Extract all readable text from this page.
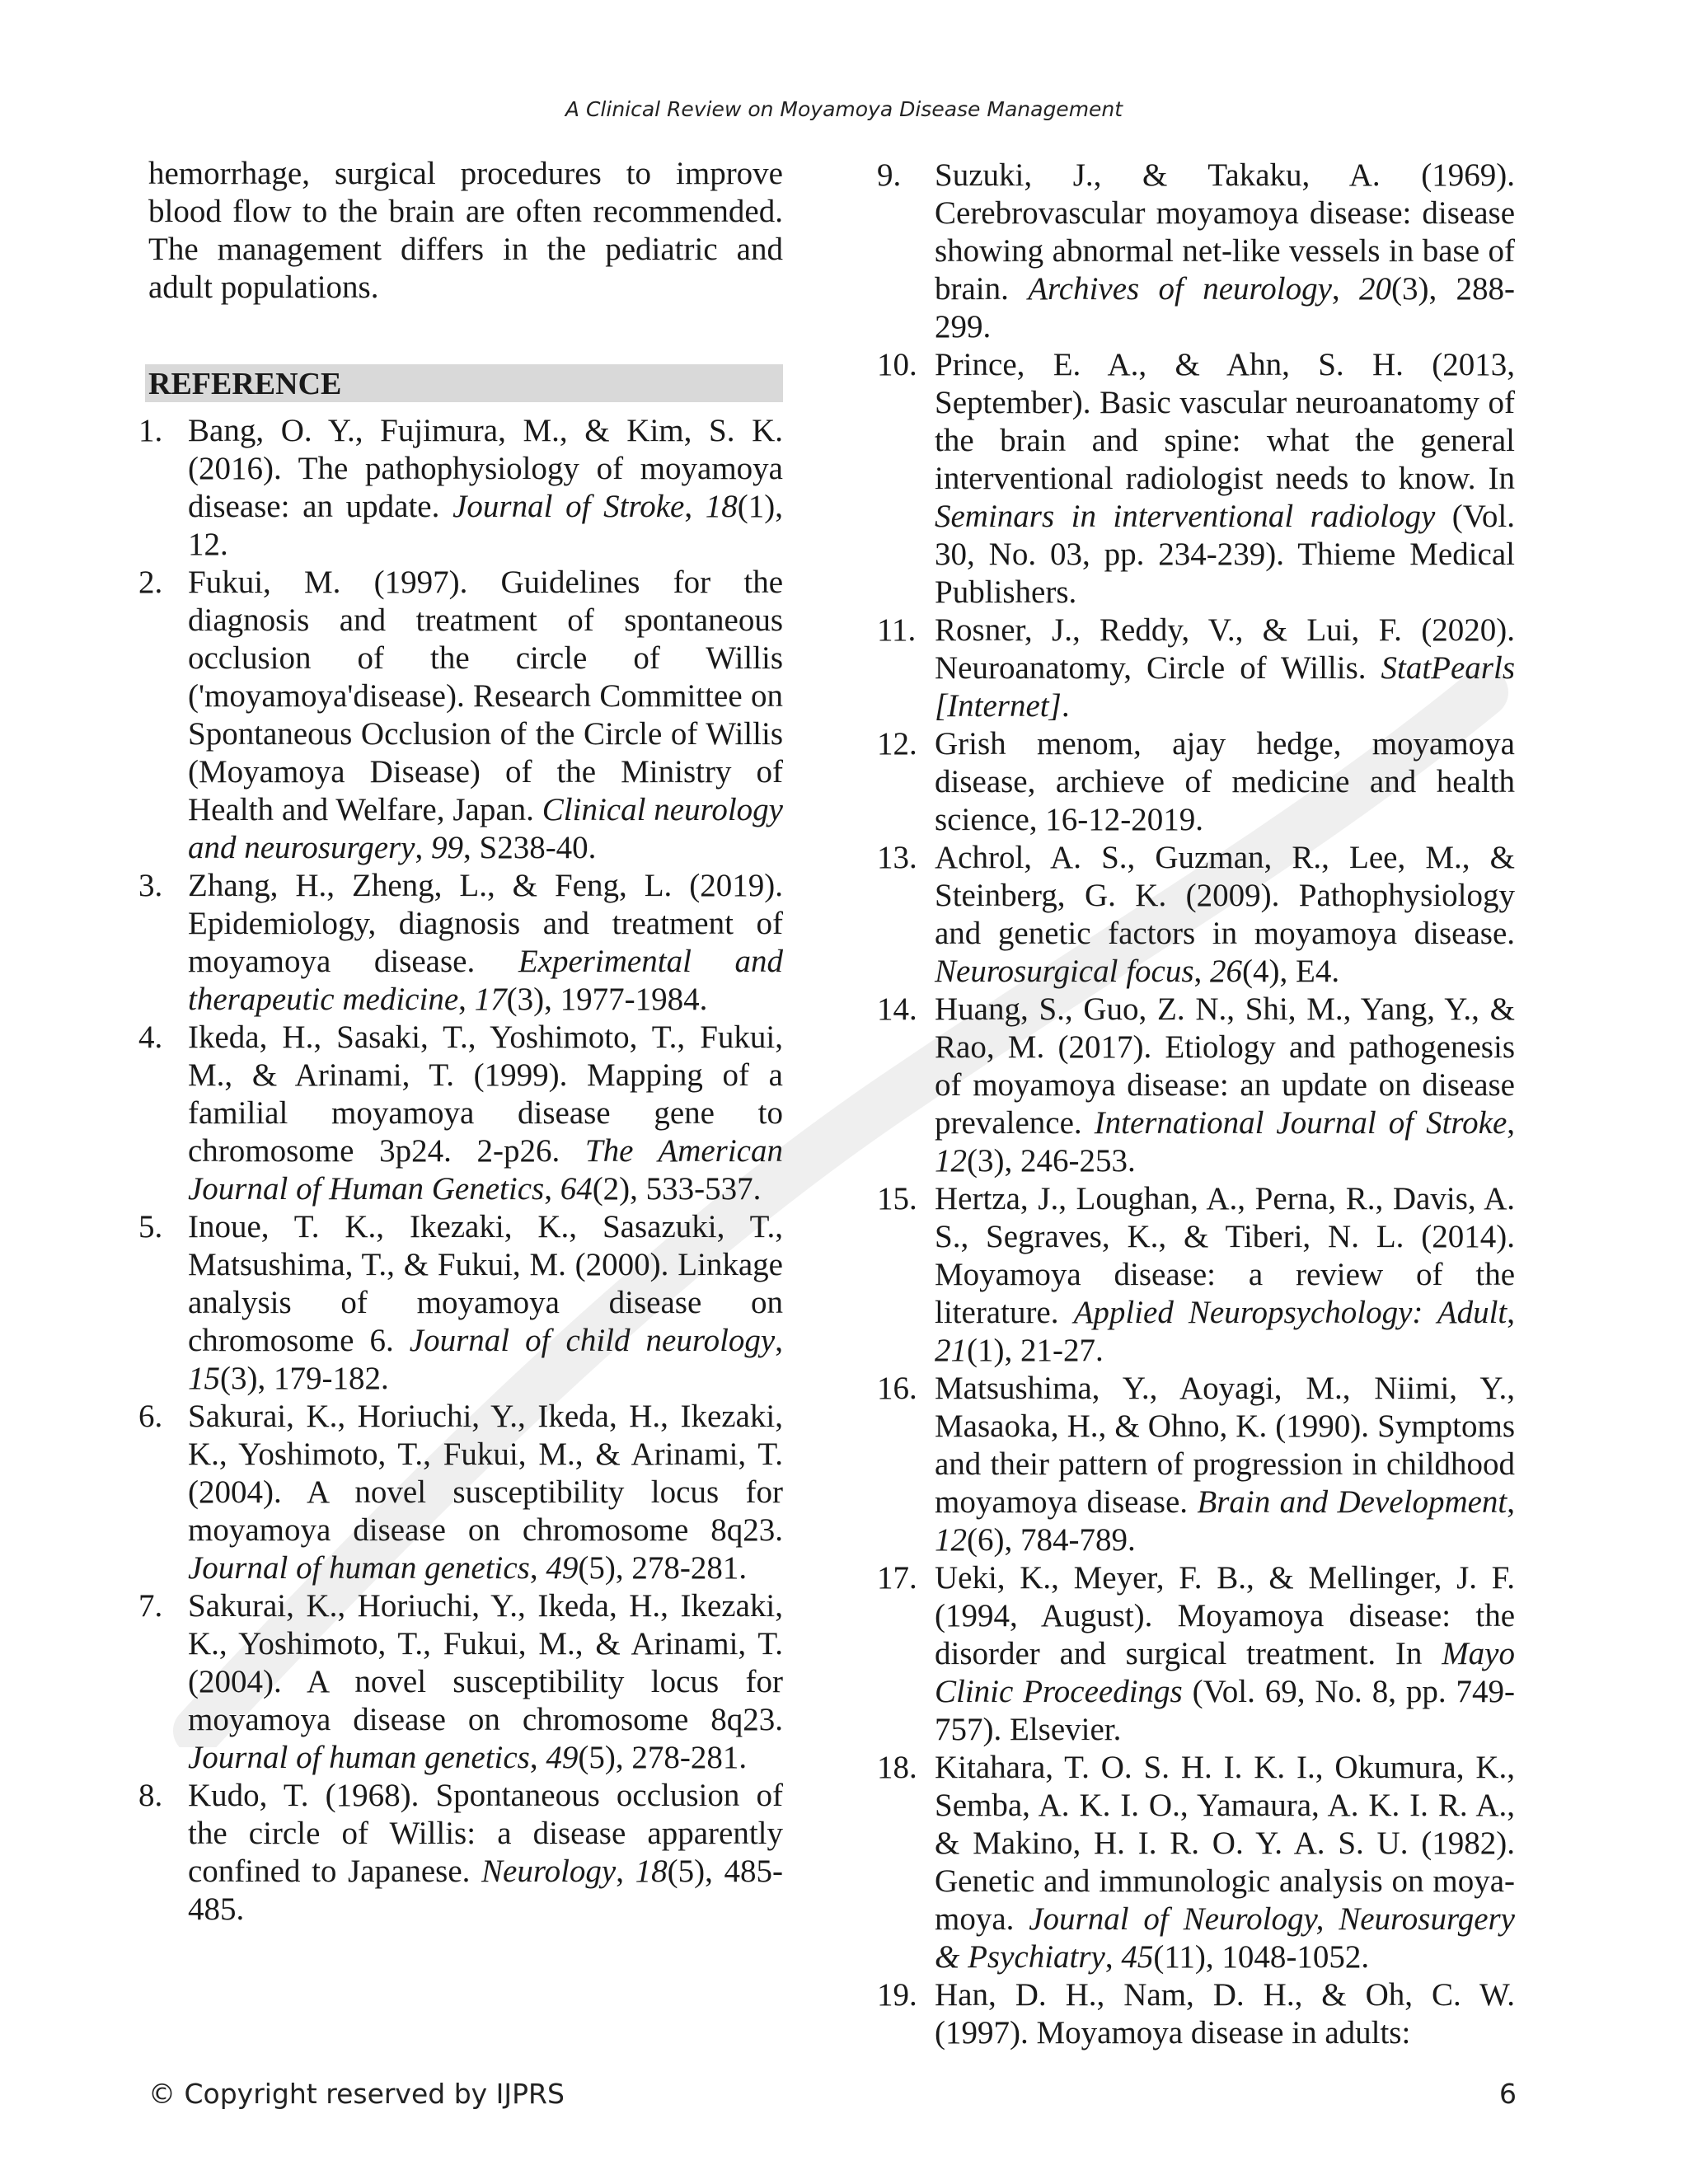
A Clinical Review on Moyamoya Disease Management

hemorrhage, surgical procedures to improve blood flow to the brain are often recommended. The management differs in the pediatric and adult populations.

REFERENCE
1. Bang, O. Y., Fujimura, M., & Kim, S. K. (2016). The pathophysiology of moyamoya disease: an update. Journal of Stroke, 18(1), 12.
2. Fukui, M. (1997). Guidelines for the diagnosis and treatment of spontaneous occlusion of the circle of Willis ('moyamoya'disease). Research Committee on Spontaneous Occlusion of the Circle of Willis (Moyamoya Disease) of the Ministry of Health and Welfare, Japan. Clinical neurology and neurosurgery, 99, S238-40.
3. Zhang, H., Zheng, L., & Feng, L. (2019). Epidemiology, diagnosis and treatment of moyamoya disease. Experimental and therapeutic medicine, 17(3), 1977-1984.
4. Ikeda, H., Sasaki, T., Yoshimoto, T., Fukui, M., & Arinami, T. (1999). Mapping of a familial moyamoya disease gene to chromosome 3p24. 2-p26. The American Journal of Human Genetics, 64(2), 533-537.
5. Inoue, T. K., Ikezaki, K., Sasazuki, T., Matsushima, T., & Fukui, M. (2000). Linkage analysis of moyamoya disease on chromosome 6. Journal of child neurology, 15(3), 179-182.
6. Sakurai, K., Horiuchi, Y., Ikeda, H., Ikezaki, K., Yoshimoto, T., Fukui, M., & Arinami, T. (2004). A novel susceptibility locus for moyamoya disease on chromosome 8q23. Journal of human genetics, 49(5), 278-281.
7. Sakurai, K., Horiuchi, Y., Ikeda, H., Ikezaki, K., Yoshimoto, T., Fukui, M., & Arinami, T. (2004). A novel susceptibility locus for moyamoya disease on chromosome 8q23. Journal of human genetics, 49(5), 278-281.
8. Kudo, T. (1968). Spontaneous occlusion of the circle of Willis: a disease apparently confined to Japanese. Neurology, 18(5), 485-485.
9. Suzuki, J., & Takaku, A. (1969). Cerebrovascular moyamoya disease: disease showing abnormal net-like vessels in base of brain. Archives of neurology, 20(3), 288-299.
10. Prince, E. A., & Ahn, S. H. (2013, September). Basic vascular neuroanatomy of the brain and spine: what the general interventional radiologist needs to know. In Seminars in interventional radiology (Vol. 30, No. 03, pp. 234-239). Thieme Medical Publishers.
11. Rosner, J., Reddy, V., & Lui, F. (2020). Neuroanatomy, Circle of Willis. StatPearls [Internet].
12. Grish menom, ajay hedge, moyamoya disease, archieve of medicine and health science, 16-12-2019.
13. Achrol, A. S., Guzman, R., Lee, M., & Steinberg, G. K. (2009). Pathophysiology and genetic factors in moyamoya disease. Neurosurgical focus, 26(4), E4.
14. Huang, S., Guo, Z. N., Shi, M., Yang, Y., & Rao, M. (2017). Etiology and pathogenesis of moyamoya disease: an update on disease prevalence. International Journal of Stroke, 12(3), 246-253.
15. Hertza, J., Loughan, A., Perna, R., Davis, A. S., Segraves, K., & Tiberi, N. L. (2014). Moyamoya disease: a review of the literature. Applied Neuropsychology: Adult, 21(1), 21-27.
16. Matsushima, Y., Aoyagi, M., Niimi, Y., Masaoka, H., & Ohno, K. (1990). Symptoms and their pattern of progression in childhood moyamoya disease. Brain and Development, 12(6), 784-789.
17. Ueki, K., Meyer, F. B., & Mellinger, J. F. (1994, August). Moyamoya disease: the disorder and surgical treatment. In Mayo Clinic Proceedings (Vol. 69, No. 8, pp. 749-757). Elsevier.
18. Kitahara, T. O. S. H. I. K. I., Okumura, K., Semba, A. K. I. O., Yamaura, A. K. I. R. A., & Makino, H. I. R. O. Y. A. S. U. (1982). Genetic and immunologic analysis on moya-moya. Journal of Neurology, Neurosurgery & Psychiatry, 45(11), 1048-1052.
19. Han, D. H., Nam, D. H., & Oh, C. W. (1997). Moyamoya disease in adults:
© Copyright reserved by IJPRS	6
